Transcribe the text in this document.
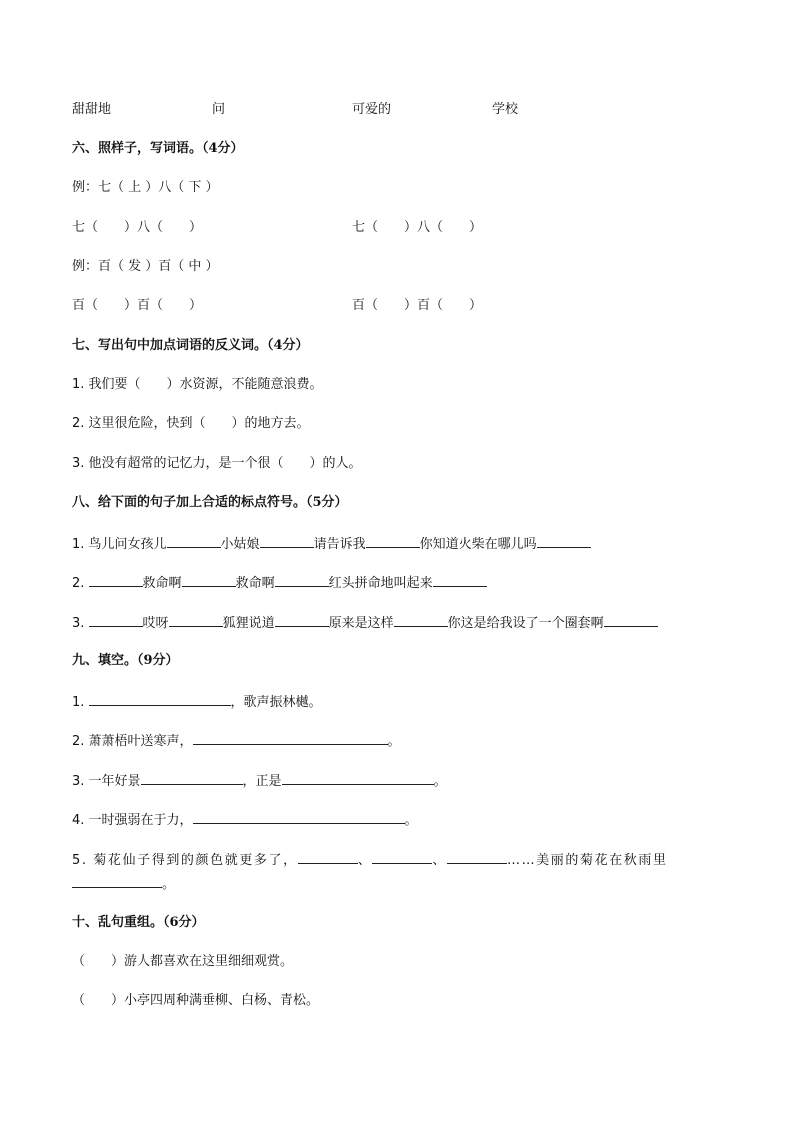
甜甜地	问	可爱的	学校
六、照样子，写词语。（4分）
例：七（ 上 ）八（ 下 ）
七（　　）八（　　）	七（　　）八（　　）
例：百（ 发 ）百（ 中 ）
百（　　）百（　　）	百（　　）百（　　）
七、写出句中加点词语的反义词。（4分）
1. 我们要（　　）水资源，不能随意浪费。
2. 这里很危险，快到（　　）的地方去。
3. 他没有超常的记忆力，是一个很（　　）的人。
八、给下面的句子加上合适的标点符号。（5分）
1. 鸟儿问女孩儿	小姑娘	请告诉我	你知道火柴在哪儿吗
2.	救命啊	救命啊	红头拼命地叫起来
3.	哎呀	狐狸说道	原来是这样	你这是给我设了一个圈套啊
九、填空。（9分）
1.	，歌声振林樾。
2. 萧萧梧叶送寒声，	。
3. 一年好景	，正是	。
4. 一时强弱在于力，	。
5. 菊花仙子得到的颜色就更多了，	、	、	……美丽的菊花在秋雨里
。
十、乱句重组。（6分）
（　　）游人都喜欢在这里细细观赏。
（　　）小亭四周种满垂柳、白杨、青松。
